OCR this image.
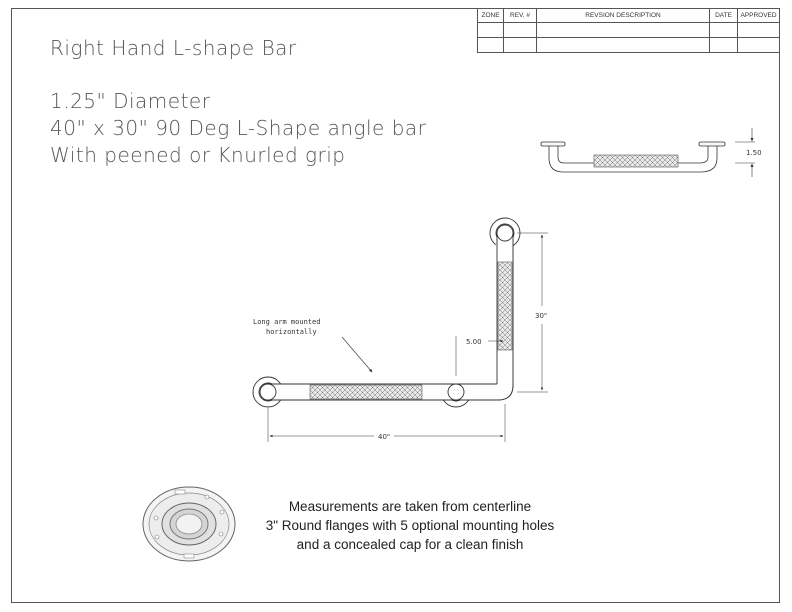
ZONE	REV. #	REVSION DESCRIPTION	DATE	APPROVED

Right Hand L-shape Bar
1.25" Diameter
40" x 30" 90 Deg L-Shape angle bar
With peened or Knurled grip	1.50
30"
40"
5.00
Long arm mounted
horizontally
Measurements are taken from centerline
3" Round flanges with 5 optional mounting holes
and a concealed cap for a clean finish
